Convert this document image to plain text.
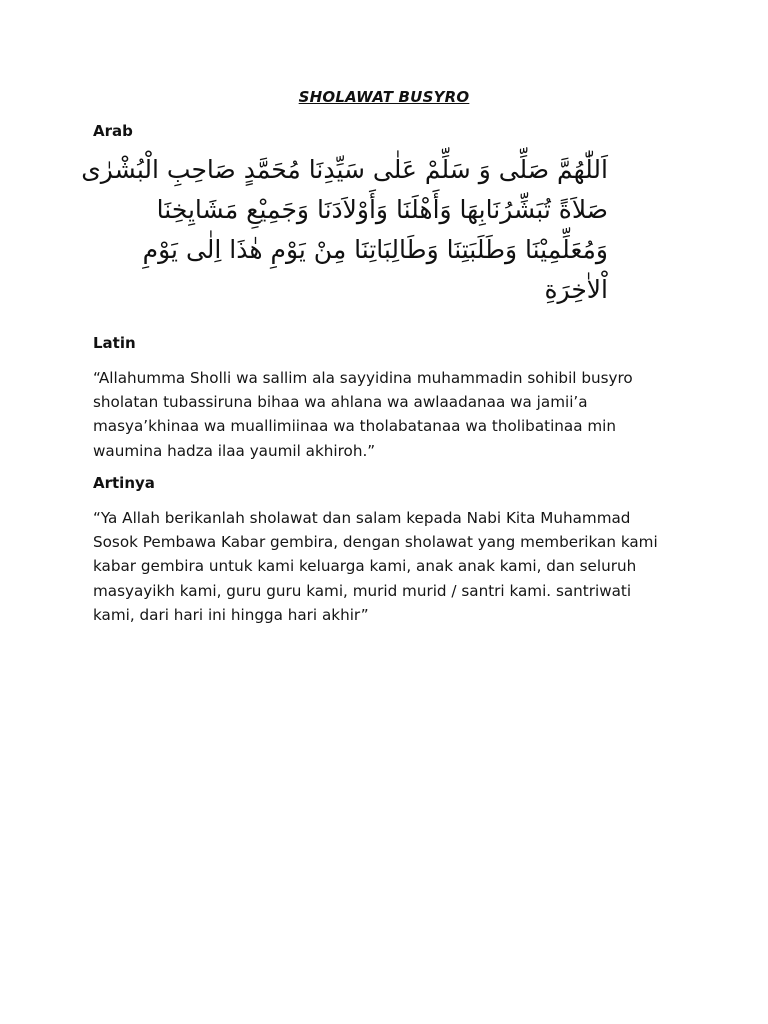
SHOLAWAT BUSYRO
Arab
اَللّٰهُمَّ صَلِّى وَ سَلِّمْ عَلٰى سَيِّدِنَا مُحَمَّدٍ صَاحِبِ الْبُشْرٰى
صَلاَةً تُبَشِّرُنَابِهَا وَأَهْلَنَا وَأَوْلاَدَنَا وَجَمِيْعِ مَشَايِخِنَا
وَمُعَلِّمِيْنَا وَطَلَبَتِنَا وَطَالِبَاتِنَا مِنْ يَوْمِ هٰذَا اِلٰى يَوْمِ
اْلاٰخِرَةِ
Latin
“Allahumma Sholli wa sallim ala sayyidina muhammadin sohibil busyro
sholatan tubassiruna bihaa wa ahlana wa awlaadanaa wa jamii’a
masya’khinaa wa muallimiinaa wa tholabatanaa wa tholibatinaa min
waumina hadza ilaa yaumil akhiroh.”
Artinya
“Ya Allah berikanlah sholawat dan salam kepada Nabi Kita Muhammad
Sosok Pembawa Kabar gembira, dengan sholawat yang memberikan kami
kabar gembira untuk kami keluarga kami, anak anak kami, dan seluruh
masyayikh kami, guru guru kami, murid murid / santri kami. santriwati
kami, dari hari ini hingga hari akhir”
